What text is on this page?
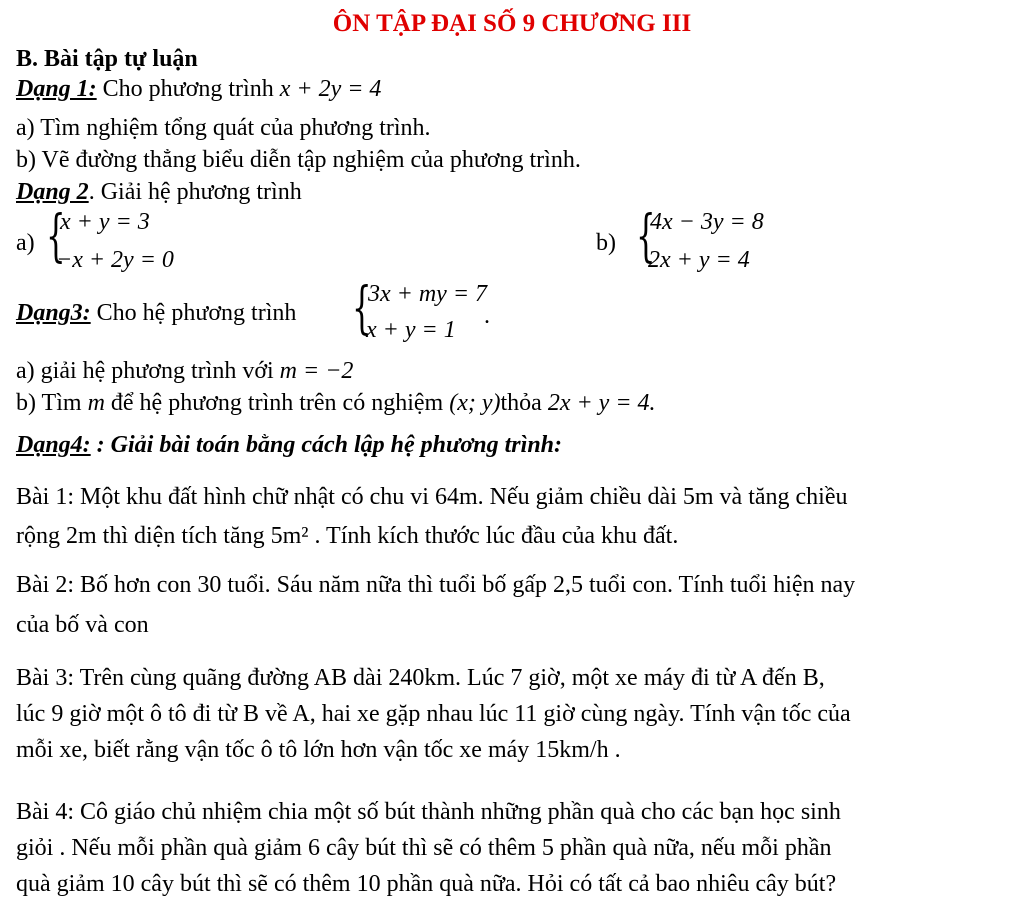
ÔN TẬP ĐẠI SỐ 9 CHƯƠNG III
B. Bài tập tự luận
Dạng 1: Cho phương trình x + 2y = 4
a) Tìm nghiệm tổng quát của phương trình.
b) Vẽ đường thẳng biểu diễn tập nghiệm của phương trình.
Dạng 2. Giải hệ phương trình
a) {
x + y = 3
−x + 2y = 0
b) {
4x − 3y = 8
2x + y = 4
Dạng3: Cho hệ phương trình {
3x + my = 7
x + y = 1
.
a) giải hệ phương trình với m = −2
b) Tìm m để hệ phương trình trên có nghiệm (x; y)thỏa 2x + y = 4.
Dạng4: : Giải bài toán bằng cách lập hệ phương trình:
Bài 1: Một khu đất hình chữ nhật có chu vi 64m. Nếu giảm chiều dài 5m và tăng chiều
rộng 2m thì diện tích tăng 5m² . Tính kích thước lúc đầu của khu đất.
Bài 2: Bố hơn con 30 tuổi. Sáu năm nữa thì tuổi bố gấp 2,5 tuổi con. Tính tuổi hiện nay
của bố và con
Bài 3: Trên cùng quãng đường AB dài 240km. Lúc 7 giờ, một xe máy đi từ A đến B,
lúc 9 giờ một ô tô đi từ B về A, hai xe gặp nhau lúc 11 giờ cùng ngày. Tính vận tốc của
mỗi xe, biết rằng vận tốc ô tô lớn hơn vận tốc xe máy 15km/h .
Bài 4: Cô giáo chủ nhiệm chia một số bút thành những phần quà cho các bạn học sinh
giỏi . Nếu mỗi phần quà giảm 6 cây bút thì sẽ có thêm 5 phần quà nữa, nếu mỗi phần
quà giảm 10 cây bút thì sẽ có thêm 10 phần quà nữa. Hỏi có tất cả bao nhiêu cây bút?
